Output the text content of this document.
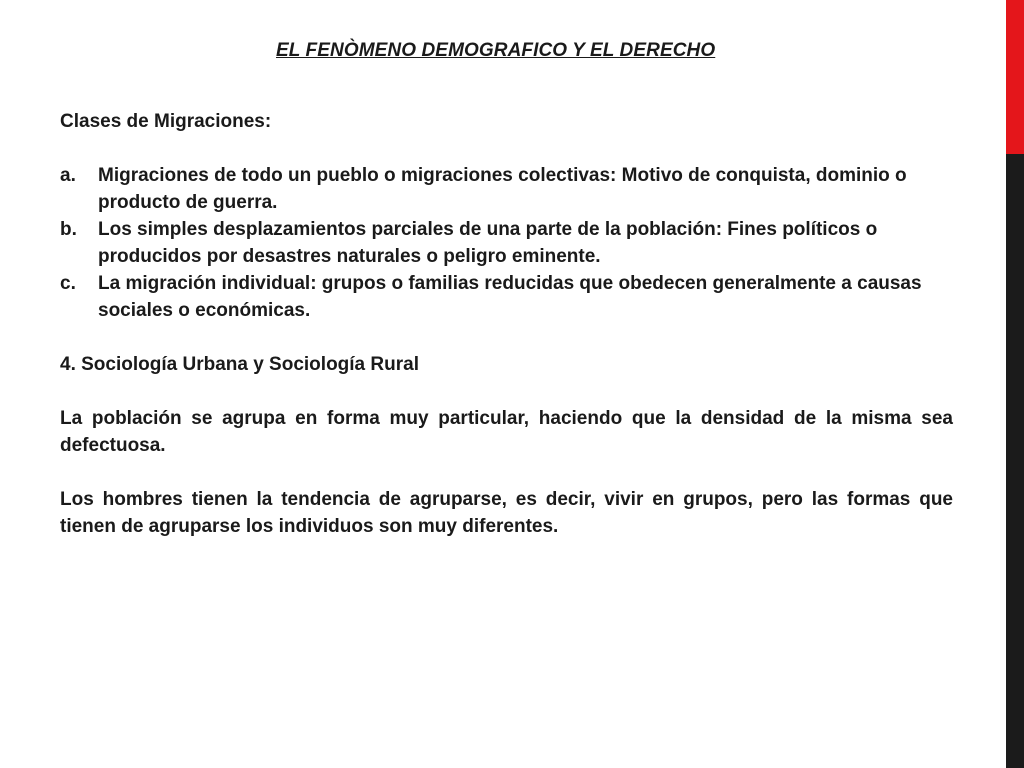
EL FENÒMENO DEMOGRAFICO Y EL DERECHO

Clases de Migraciones:

a. Migraciones de todo un pueblo o migraciones colectivas: Motivo de conquista, dominio o producto de guerra.
b. Los simples desplazamientos parciales de una parte de la población: Fines políticos o producidos por desastres naturales o peligro eminente.
c. La migración individual: grupos o familias reducidas que obedecen generalmente a causas sociales o económicas.

4. Sociología Urbana y Sociología Rural

La población se agrupa en forma muy particular, haciendo que la densidad de la misma sea defectuosa.

Los hombres tienen la tendencia de agruparse, es decir, vivir en grupos, pero las formas que tienen de agruparse los individuos son muy diferentes.
